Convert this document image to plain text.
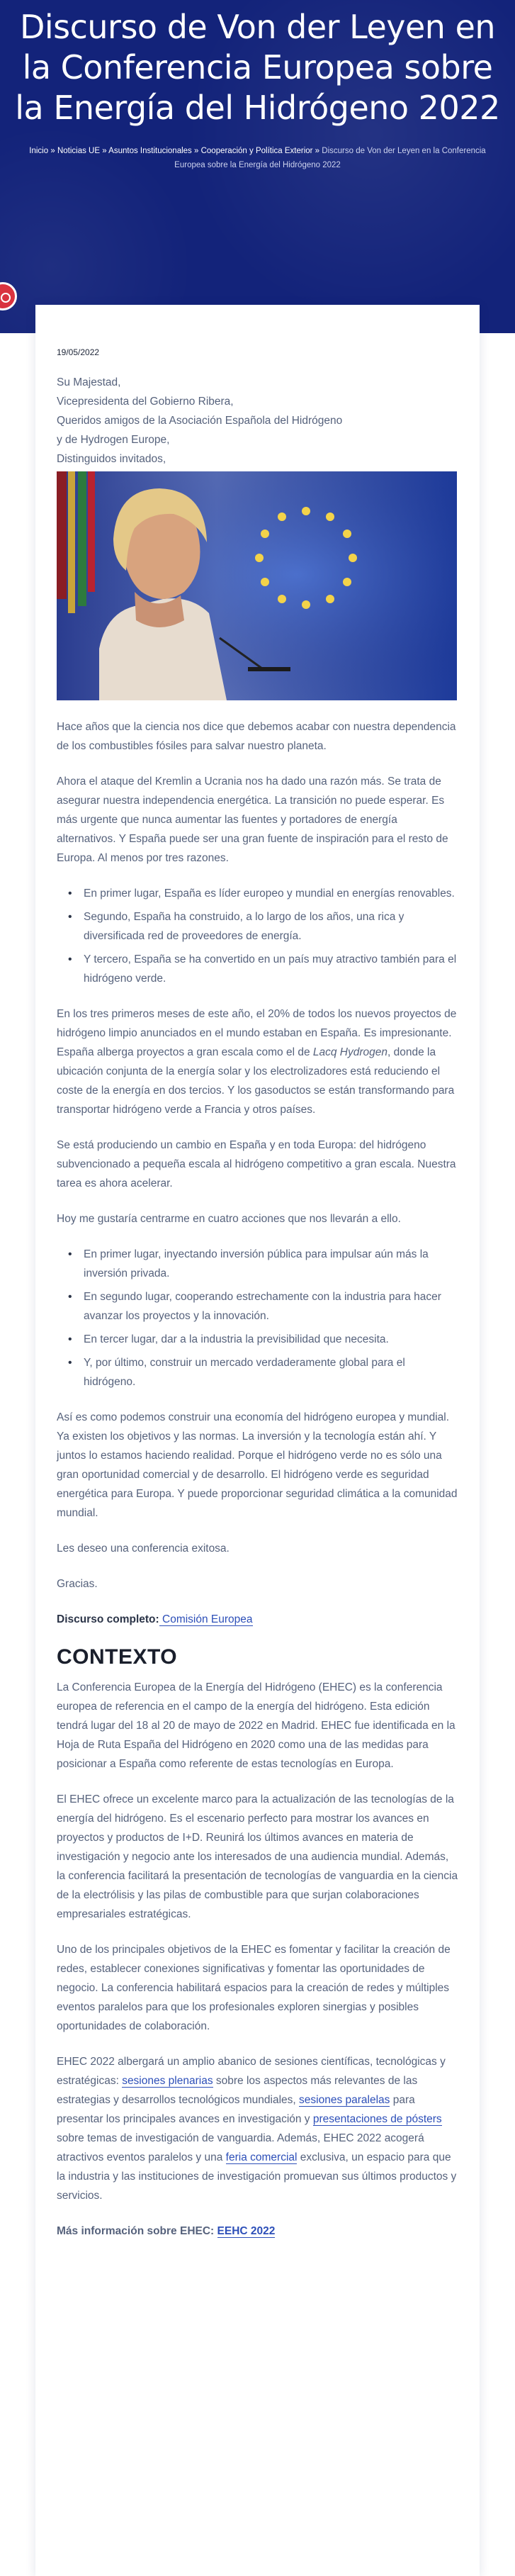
Discurso de Von der Leyen en la Conferencia Europea sobre la Energía del Hidrógeno 2022
Inicio » Noticias UE » Asuntos Institucionales » Cooperación y Política Exterior » Discurso de Von der Leyen en la Conferencia Europea sobre la Energía del Hidrógeno 2022
19/05/2022

Su Majestad,

Vicepresidenta del Gobierno Ribera,

Queridos amigos de la Asociación Española del Hidrógeno

y de Hydrogen Europe,

Distinguidos invitados,

Hace años que la ciencia nos dice que debemos acabar con nuestra dependencia de los combustibles fósiles para salvar nuestro planeta.

Ahora el ataque del Kremlin a Ucrania nos ha dado una razón más. Se trata de asegurar nuestra independencia energética. La transición no puede esperar. Es más urgente que nunca aumentar las fuentes y portadores de energía alternativos. Y España puede ser una gran fuente de inspiración para el resto de Europa. Al menos por tres razones.

• En primer lugar, España es líder europeo y mundial en energías renovables.
• Segundo, España ha construido, a lo largo de los años, una rica y diversificada red de proveedores de energía.
• Y tercero, España se ha convertido en un país muy atractivo también para el hidrógeno verde.

En los tres primeros meses de este año, el 20% de todos los nuevos proyectos de hidrógeno limpio anunciados en el mundo estaban en España. Es impresionante. España alberga proyectos a gran escala como el de Lacq Hydrogen, donde la ubicación conjunta de la energía solar y los electrolizadores está reduciendo el coste de la energía en dos tercios. Y los gasoductos se están transformando para transportar hidrógeno verde a Francia y otros países.

Se está produciendo un cambio en España y en toda Europa: del hidrógeno subvencionado a pequeña escala al hidrógeno competitivo a gran escala. Nuestra tarea es ahora acelerar.

Hoy me gustaría centrarme en cuatro acciones que nos llevarán a ello.

• En primer lugar, inyectando inversión pública para impulsar aún más la inversión privada.
• En segundo lugar, cooperando estrechamente con la industria para hacer avanzar los proyectos y la innovación.
• En tercer lugar, dar a la industria la previsibilidad que necesita.
• Y, por último, construir un mercado verdaderamente global para el hidrógeno.

Así es como podemos construir una economía del hidrógeno europea y mundial. Ya existen los objetivos y las normas. La inversión y la tecnología están ahí. Y juntos lo estamos haciendo realidad. Porque el hidrógeno verde no es sólo una gran oportunidad comercial y de desarrollo. El hidrógeno verde es seguridad energética para Europa. Y puede proporcionar seguridad climática a la comunidad mundial.

Les deseo una conferencia exitosa.

Gracias.

Discurso completo: Comisión Europea

CONTEXTO

La Conferencia Europea de la Energía del Hidrógeno (EHEC) es la conferencia europea de referencia en el campo de la energía del hidrógeno. Esta edición tendrá lugar del 18 al 20 de mayo de 2022 en Madrid. EHEC fue identificada en la Hoja de Ruta España del Hidrógeno en 2020 como una de las medidas para posicionar a España como referente de estas tecnologías en Europa.

El EHEC ofrece un excelente marco para la actualización de las tecnologías de la energía del hidrógeno. Es el escenario perfecto para mostrar los avances en proyectos y productos de I+D. Reunirá los últimos avances en materia de investigación y negocio ante los interesados de una audiencia mundial. Además, la conferencia facilitará la presentación de tecnologías de vanguardia en la ciencia de la electrólisis y las pilas de combustible para que surjan colaboraciones empresariales estratégicas.

Uno de los principales objetivos de la EHEC es fomentar y facilitar la creación de redes, establecer conexiones significativas y fomentar las oportunidades de negocio. La conferencia habilitará espacios para la creación de redes y múltiples eventos paralelos para que los profesionales exploren sinergias y posibles oportunidades de colaboración.

EHEC 2022 albergará un amplio abanico de sesiones científicas, tecnológicas y estratégicas: sesiones plenarias sobre los aspectos más relevantes de las estrategias y desarrollos tecnológicos mundiales, sesiones paralelas para presentar los principales avances en investigación y presentaciones de pósters sobre temas de investigación de vanguardia. Además, EHEC 2022 acogerá atractivos eventos paralelos y una feria comercial exclusiva, un espacio para que la industria y las instituciones de investigación promuevan sus últimos productos y servicios.

Más información sobre EHEC: EEHC 2022
